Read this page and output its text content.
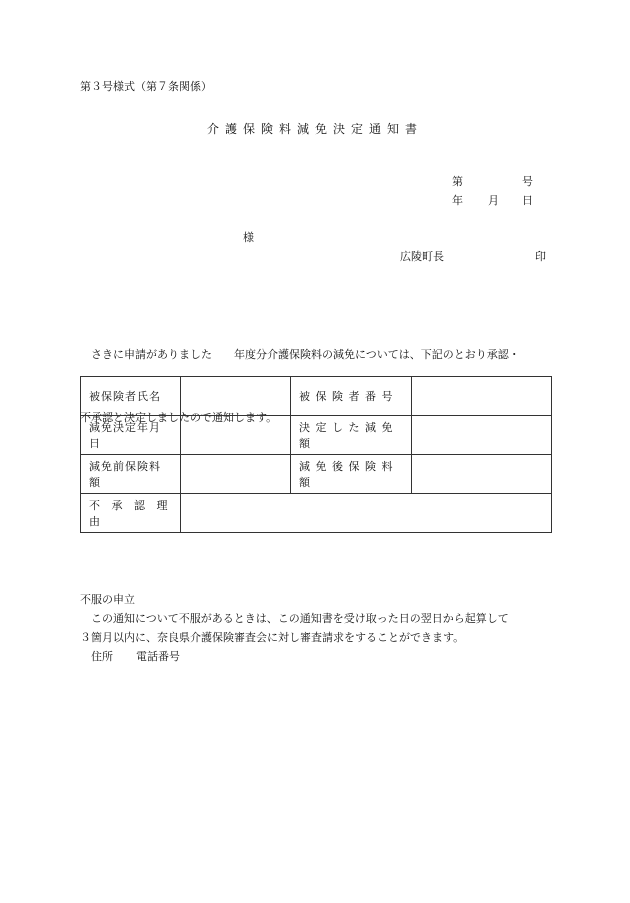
第３号様式（第７条関係）
介護保険料減免決定通知書
第	号
年 月 日
様
広陵町長	印

さきに申請がありました　　年度分介護保険料の減免については、下記のとおり承認・

不承認と決定しましたので通知します。

被保険者氏名		被 保 険 者 番 号	
減免決定年月日		決 定 し た 減 免 額	
減免前保険料額		減 免 後 保 険 料 額	
不 承 認 理 由			
不服の申立
この通知について不服があるときは、この通知書を受け取った日の翌日から起算して
３箇月以内に、奈良県介護保険審査会に対し審査請求をすることができます。
住所 電話番号
